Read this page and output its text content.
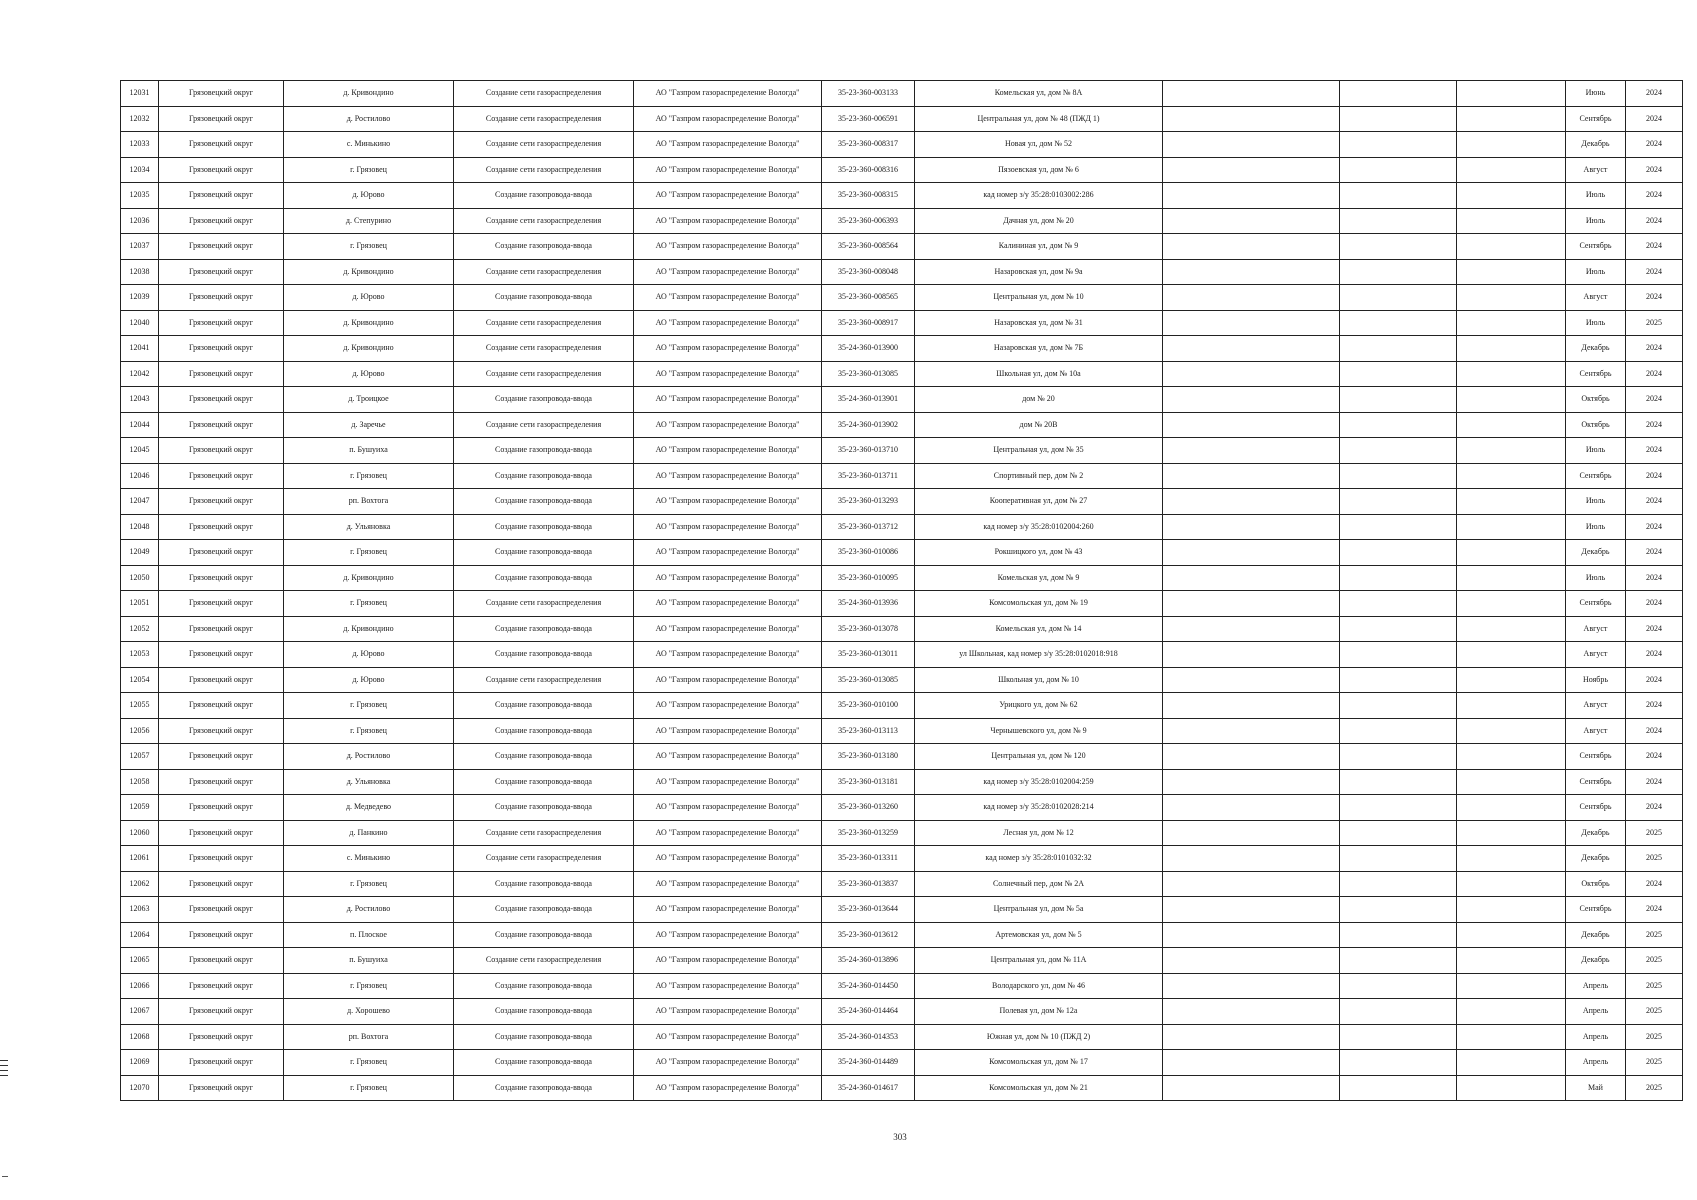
12031	Грязовецкий округ	д. Кривондино	Создание сети газораспределения	АО "Газпром газораспределение Вологда"	35-23-360-003133	Комельская ул, дом № 8А				Июнь	2024
12032	Грязовецкий округ	д. Ростилово	Создание сети газораспределения	АО "Газпром газораспределение Вологда"	35-23-360-006591	Центральная ул, дом № 48 (ПЖД 1)				Сентябрь	2024
12033	Грязовецкий округ	с. Минькино	Создание сети газораспределения	АО "Газпром газораспределение Вологда"	35-23-360-008317	Новая ул, дом № 52				Декабрь	2024
12034	Грязовецкий округ	г. Грязовец	Создание сети газораспределения	АО "Газпром газораспределение Вологда"	35-23-360-008316	Пязоевская ул, дом № 6				Август	2024
12035	Грязовецкий округ	д. Юрово	Создание газопровода-ввода	АО "Газпром газораспределение Вологда"	35-23-360-008315	кад номер з/у 35:28:0103002:286				Июль	2024
12036	Грязовецкий округ	д. Степурино	Создание сети газораспределения	АО "Газпром газораспределение Вологда"	35-23-360-006393	Дачная ул, дом № 20				Июль	2024
12037	Грязовецкий округ	г. Грязовец	Создание газопровода-ввода	АО "Газпром газораспределение Вологда"	35-23-360-008564	Калининая ул, дом № 9				Сентябрь	2024
12038	Грязовецкий округ	д. Кривондино	Создание сети газораспределения	АО "Газпром газораспределение Вологда"	35-23-360-008048	Назаровская ул, дом № 9а				Июль	2024
12039	Грязовецкий округ	д. Юрово	Создание газопровода-ввода	АО "Газпром газораспределение Вологда"	35-23-360-008565	Центральная ул, дом № 10				Август	2024
12040	Грязовецкий округ	д. Кривондино	Создание сети газораспределения	АО "Газпром газораспределение Вологда"	35-23-360-008917	Назаровская ул, дом № 31				Июль	2025
12041	Грязовецкий округ	д. Кривондино	Создание сети газораспределения	АО "Газпром газораспределение Вологда"	35-24-360-013900	Назаровская ул, дом № 7Б				Декабрь	2024
12042	Грязовецкий округ	д. Юрово	Создание сети газораспределения	АО "Газпром газораспределение Вологда"	35-23-360-013085	Школьная ул, дом № 10а				Сентябрь	2024
12043	Грязовецкий округ	д. Троицкое	Создание газопровода-ввода	АО "Газпром газораспределение Вологда"	35-24-360-013901	дом № 20				Октябрь	2024
12044	Грязовецкий округ	д. Заречье	Создание сети газораспределения	АО "Газпром газораспределение Вологда"	35-24-360-013902	дом № 20В				Октябрь	2024
12045	Грязовецкий округ	п. Бушуиха	Создание газопровода-ввода	АО "Газпром газораспределение Вологда"	35-23-360-013710	Центральная ул, дом № 35				Июль	2024
12046	Грязовецкий округ	г. Грязовец	Создание газопровода-ввода	АО "Газпром газораспределение Вологда"	35-23-360-013711	Спортивный пер, дом № 2				Сентябрь	2024
12047	Грязовецкий округ	рп. Вохтога	Создание газопровода-ввода	АО "Газпром газораспределение Вологда"	35-23-360-013293	Кооперативная ул, дом № 27				Июль	2024
12048	Грязовецкий округ	д. Ульяновка	Создание газопровода-ввода	АО "Газпром газораспределение Вологда"	35-23-360-013712	кад номер з/у 35:28:0102004:260				Июль	2024
12049	Грязовецкий округ	г. Грязовец	Создание газопровода-ввода	АО "Газпром газораспределение Вологда"	35-23-360-010086	Рокшицкого ул, дом № 43				Декабрь	2024
12050	Грязовецкий округ	д. Кривондино	Создание газопровода-ввода	АО "Газпром газораспределение Вологда"	35-23-360-010095	Комельская ул, дом № 9				Июль	2024
12051	Грязовецкий округ	г. Грязовец	Создание сети газораспределения	АО "Газпром газораспределение Вологда"	35-24-360-013936	Комсомольская ул, дом № 19				Сентябрь	2024
12052	Грязовецкий округ	д. Кривондино	Создание газопровода-ввода	АО "Газпром газораспределение Вологда"	35-23-360-013078	Комельская ул, дом № 14				Август	2024
12053	Грязовецкий округ	д. Юрово	Создание газопровода-ввода	АО "Газпром газораспределение Вологда"	35-23-360-013011	ул Школьная, кад номер з/у 35:28:0102018:918				Август	2024
12054	Грязовецкий округ	д. Юрово	Создание сети газораспределения	АО "Газпром газораспределение Вологда"	35-23-360-013085	Школьная ул, дом № 10				Ноябрь	2024
12055	Грязовецкий округ	г. Грязовец	Создание газопровода-ввода	АО "Газпром газораспределение Вологда"	35-23-360-010100	Урицкого ул, дом № 62				Август	2024
12056	Грязовецкий округ	г. Грязовец	Создание газопровода-ввода	АО "Газпром газораспределение Вологда"	35-23-360-013113	Чернышевского ул, дом № 9				Август	2024
12057	Грязовецкий округ	д. Ростилово	Создание газопровода-ввода	АО "Газпром газораспределение Вологда"	35-23-360-013180	Центральная ул, дом № 120				Сентябрь	2024
12058	Грязовецкий округ	д. Ульяновка	Создание газопровода-ввода	АО "Газпром газораспределение Вологда"	35-23-360-013181	кад номер з/у 35:28:0102004:259				Сентябрь	2024
12059	Грязовецкий округ	д. Медведево	Создание газопровода-ввода	АО "Газпром газораспределение Вологда"	35-23-360-013260	кад номер з/у 35:28:0102028:214				Сентябрь	2024
12060	Грязовецкий округ	д. Панкино	Создание сети газораспределения	АО "Газпром газораспределение Вологда"	35-23-360-013259	Лесная ул, дом № 12				Декабрь	2025
12061	Грязовецкий округ	с. Минькино	Создание сети газораспределения	АО "Газпром газораспределение Вологда"	35-23-360-013311	кад номер з/у 35:28:0101032:32				Декабрь	2025
12062	Грязовецкий округ	г. Грязовец	Создание газопровода-ввода	АО "Газпром газораспределение Вологда"	35-23-360-013837	Солнечный пер, дом № 2А				Октябрь	2024
12063	Грязовецкий округ	д. Ростилово	Создание газопровода-ввода	АО "Газпром газораспределение Вологда"	35-23-360-013644	Центральная ул, дом № 5а				Сентябрь	2024
12064	Грязовецкий округ	п. Плоское	Создание газопровода-ввода	АО "Газпром газораспределение Вологда"	35-23-360-013612	Артемовская ул, дом № 5				Декабрь	2025
12065	Грязовецкий округ	п. Бушуиха	Создание сети газораспределения	АО "Газпром газораспределение Вологда"	35-24-360-013896	Центральная ул, дом № 11А				Декабрь	2025
12066	Грязовецкий округ	г. Грязовец	Создание газопровода-ввода	АО "Газпром газораспределение Вологда"	35-24-360-014450	Володарского ул, дом № 46				Апрель	2025
12067	Грязовецкий округ	д. Хорошево	Создание газопровода-ввода	АО "Газпром газораспределение Вологда"	35-24-360-014464	Полевая ул, дом № 12а				Апрель	2025
12068	Грязовецкий округ	рп. Вохтога	Создание газопровода-ввода	АО "Газпром газораспределение Вологда"	35-24-360-014353	Южная ул, дом № 10 (ПЖД 2)				Апрель	2025
12069	Грязовецкий округ	г. Грязовец	Создание газопровода-ввода	АО "Газпром газораспределение Вологда"	35-24-360-014489	Комсомольская ул, дом № 17				Апрель	2025
12070	Грязовецкий округ	г. Грязовец	Создание газопровода-ввода	АО "Газпром газораспределение Вологда"	35-24-360-014617	Комсомольская ул, дом № 21				Май	2025
303
